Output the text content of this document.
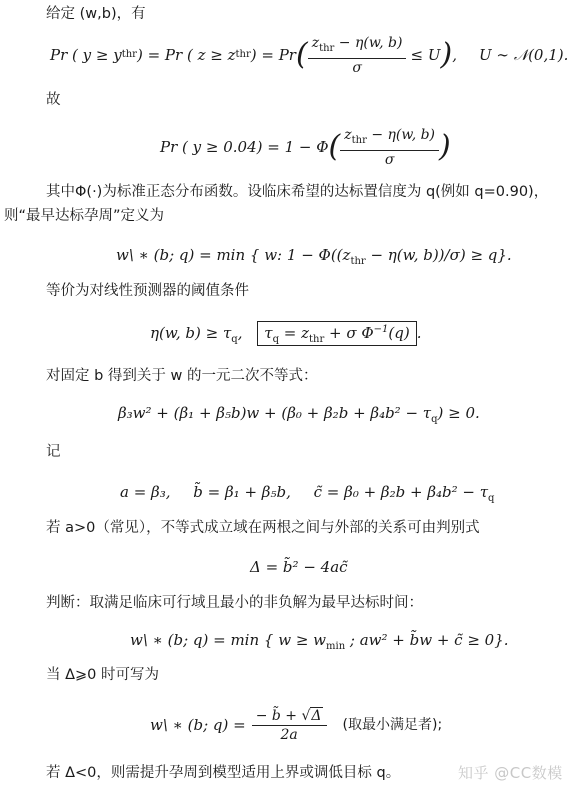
给定 (w,b)，有
Pr ( y ≥ y thr ) = Pr ( z ≥ z thr ) = Pr ( $\frac{z_{thr} - \eta(w, b)}{\sigma} \le U$ ) , U ∼ 𝒩(0,1).
故
Pr ( y ≥ 0.04) = 1 − Φ ( $\frac{z_{thr} - \eta(w, b)}{\sigma}$ )
其中Φ(·)为标准正态分布函数。设临床希望的达标置信度为 q(例如 q=0.90)，
则“最早达标孕周”定义为
w\ ∗ (b; q) = min { w: $1 - \Phi((z_{thr} - \eta(w$, b))/σ) ≥ q}.
等价为对线性预测器的阈值条件
η(w, $b) \ge \tau_q$, $\tau_q = z_{thr} + \sigma$ $\Phi^{-1}(q)$ .
对固定 b 得到关于 w 的一元二次不等式：
$\beta_3w^2 + (\beta_1 + \beta_5b)w + (\beta_0 + \beta_2b + \beta_4b^2 - \tau_q) \ge 0$.
记
a = β₃, b̃ = β₁ + β₅b, c̃ = $\beta_0 + \beta_2b + \beta_4b^2 - \tau_q$
若 a>0（常见），不等式成立域在两根之间与外部的关系可由判别式
Δ = b̃² − 4ac̃
判断：取满足临床可行域且最小的非负解为最早达标时间：
w\ ∗ (b; q) = min { $w \ge w_{min}$ ; aw² + b̃w + c̃ ≥ 0}.
当 Δ⩾0 时可写为
w\ ∗ (b; $q) = \frac{- b̃ + √\Delta}{2a}$ (取最小满足者);
若 Δ<0，则需提升孕周到模型适用上界或调低目标 q。	知乎 @CC数模
